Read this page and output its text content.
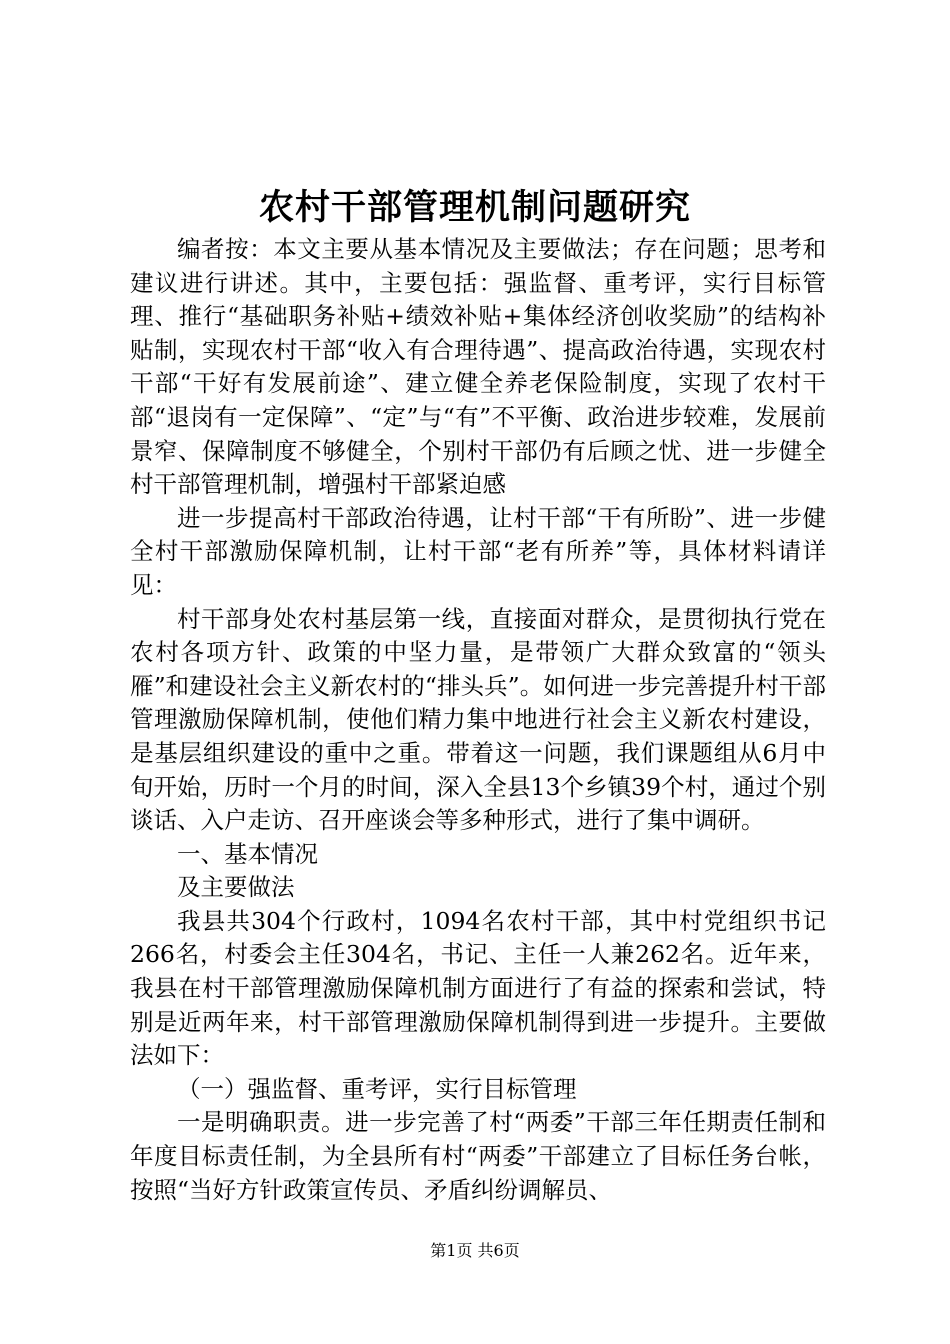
农村干部管理机制问题研究

编者按：本文主要从基本情况及主要做法；存在问题；思考和建议进行讲述。其中，主要包括：强监督、重考评，实行目标管理、推行“基础职务补贴+绩效补贴+集体经济创收奖励”的结构补贴制，实现农村干部“收入有合理待遇”、提高政治待遇，实现农村干部“干好有发展前途”、建立健全养老保险制度，实现了农村干部“退岗有一定保障”、“定”与“有”不平衡、政治进步较难，发展前景窄、保障制度不够健全，个别村干部仍有后顾之忧、进一步健全村干部管理机制，增强村干部紧迫感

进一步提高村干部政治待遇，让村干部“干有所盼”、进一步健全村干部激励保障机制，让村干部“老有所养”等，具体材料请详见：

村干部身处农村基层第一线，直接面对群众，是贯彻执行党在农村各项方针、政策的中坚力量，是带领广大群众致富的“领头雁”和建设社会主义新农村的“排头兵”。如何进一步完善提升村干部管理激励保障机制，使他们精力集中地进行社会主义新农村建设，是基层组织建设的重中之重。带着这一问题，我们课题组从6月中旬开始，历时一个月的时间，深入全县13个乡镇39个村，通过个别谈话、入户走访、召开座谈会等多种形式，进行了集中调研。

一、基本情况

及主要做法

我县共304个行政村，1094名农村干部，其中村党组织书记266名，村委会主任304名，书记、主任一人兼262名。近年来，我县在村干部管理激励保障机制方面进行了有益的探索和尝试，特别是近两年来，村干部管理激励保障机制得到进一步提升。主要做法如下：

（一）强监督、重考评，实行目标管理

一是明确职责。进一步完善了村“两委”干部三年任期责任制和年度目标责任制，为全县所有村“两委”干部建立了目标任务台帐，按照“当好方针政策宣传员、矛盾纠纷调解员、

第1页 共6页
